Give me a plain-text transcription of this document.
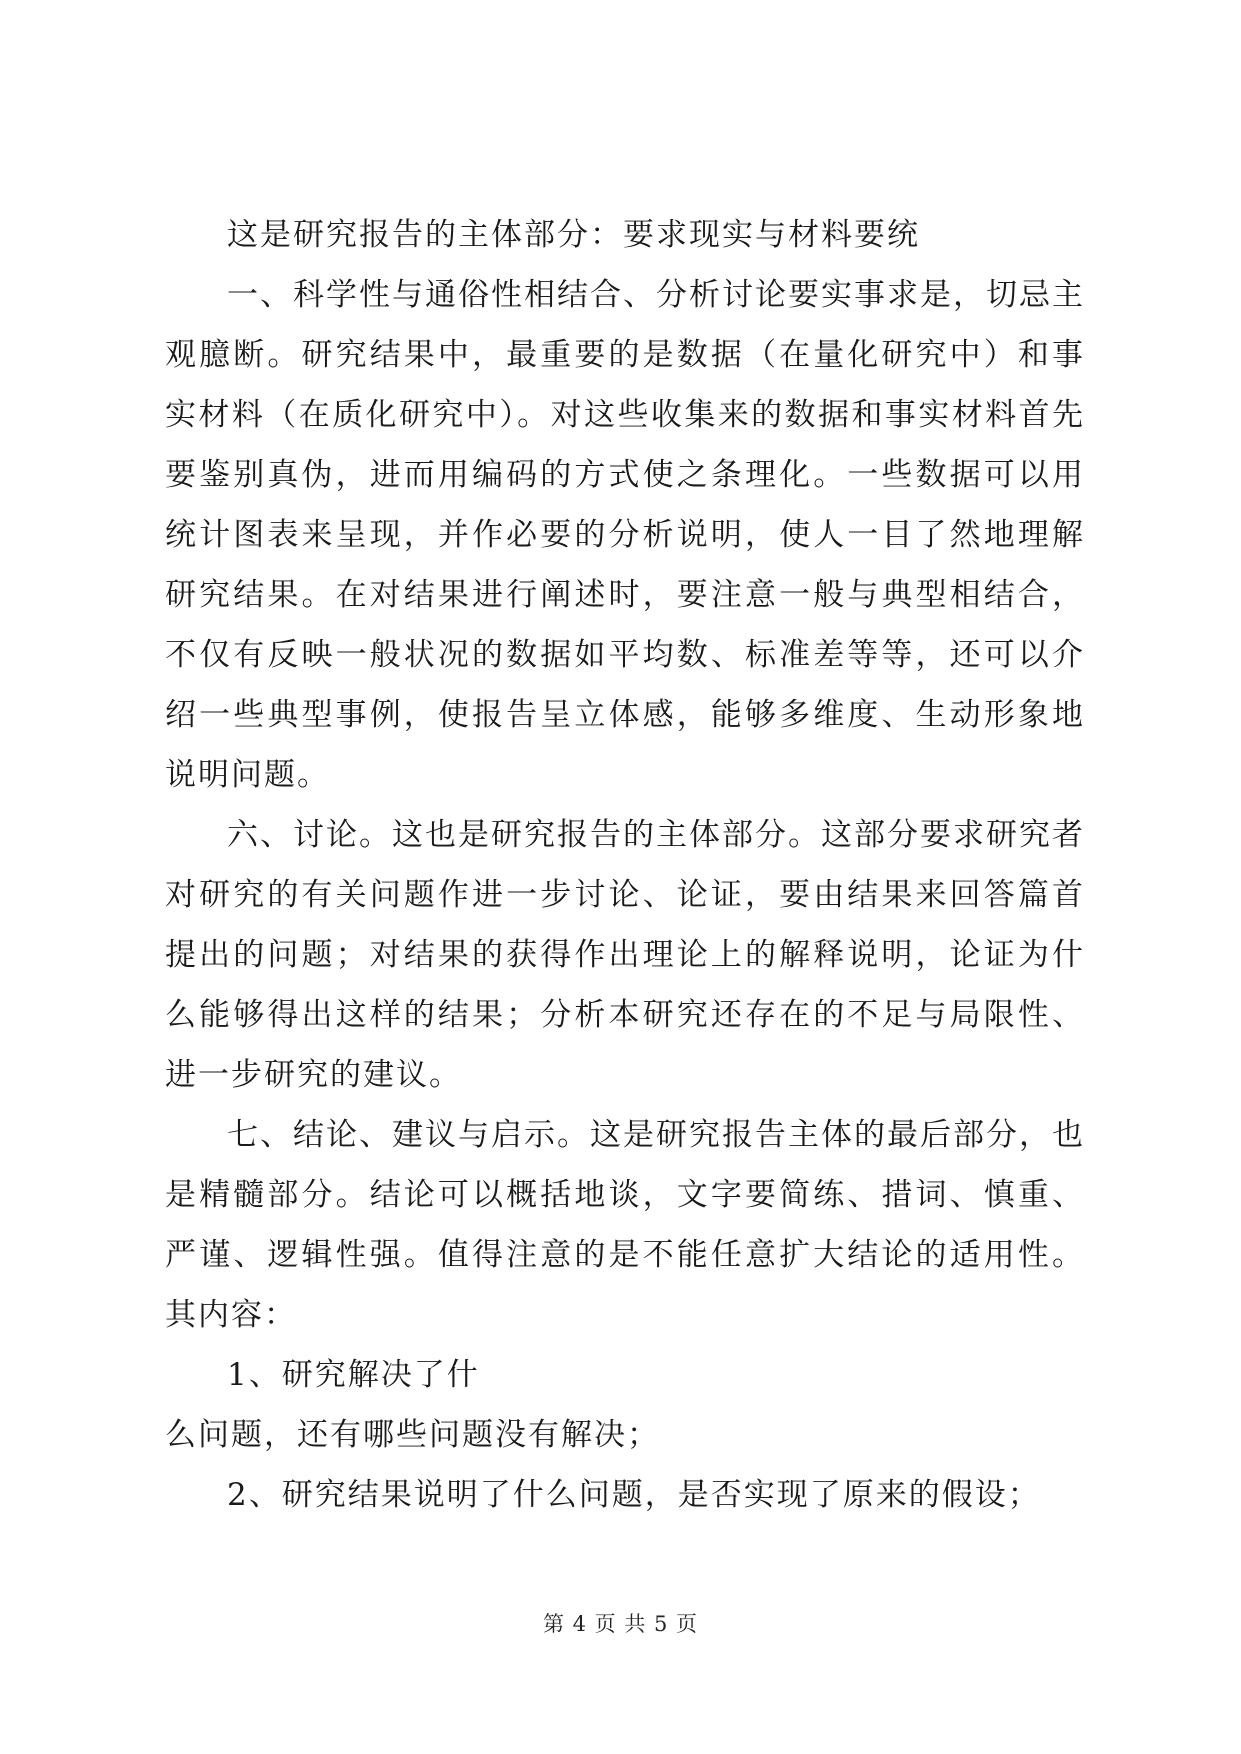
这是研究报告的主体部分：要求现实与材料要统

一、科学性与通俗性相结合、分析讨论要实事求是，切忌主观臆断。研究结果中，最重要的是数据（在量化研究中）和事实材料（在质化研究中）。对这些收集来的数据和事实材料首先要鉴别真伪，进而用编码的方式使之条理化。一些数据可以用统计图表来呈现，并作必要的分析说明，使人一目了然地理解研究结果。在对结果进行阐述时，要注意一般与典型相结合，不仅有反映一般状况的数据如平均数、标准差等等，还可以介绍一些典型事例，使报告呈立体感，能够多维度、生动形象地说明问题。

六、讨论。这也是研究报告的主体部分。这部分要求研究者对研究的有关问题作进一步讨论、论证，要由结果来回答篇首提出的问题；对结果的获得作出理论上的解释说明，论证为什么能够得出这样的结果；分析本研究还存在的不足与局限性、进一步研究的建议。

七、结论、建议与启示。这是研究报告主体的最后部分，也是精髓部分。结论可以概括地谈，文字要简练、措词、慎重、严谨、逻辑性强。值得注意的是不能任意扩大结论的适用性。其内容：

1、研究解决了什

么问题，还有哪些问题没有解决；

2、研究结果说明了什么问题，是否实现了原来的假设；

第 4 页 共 5 页
